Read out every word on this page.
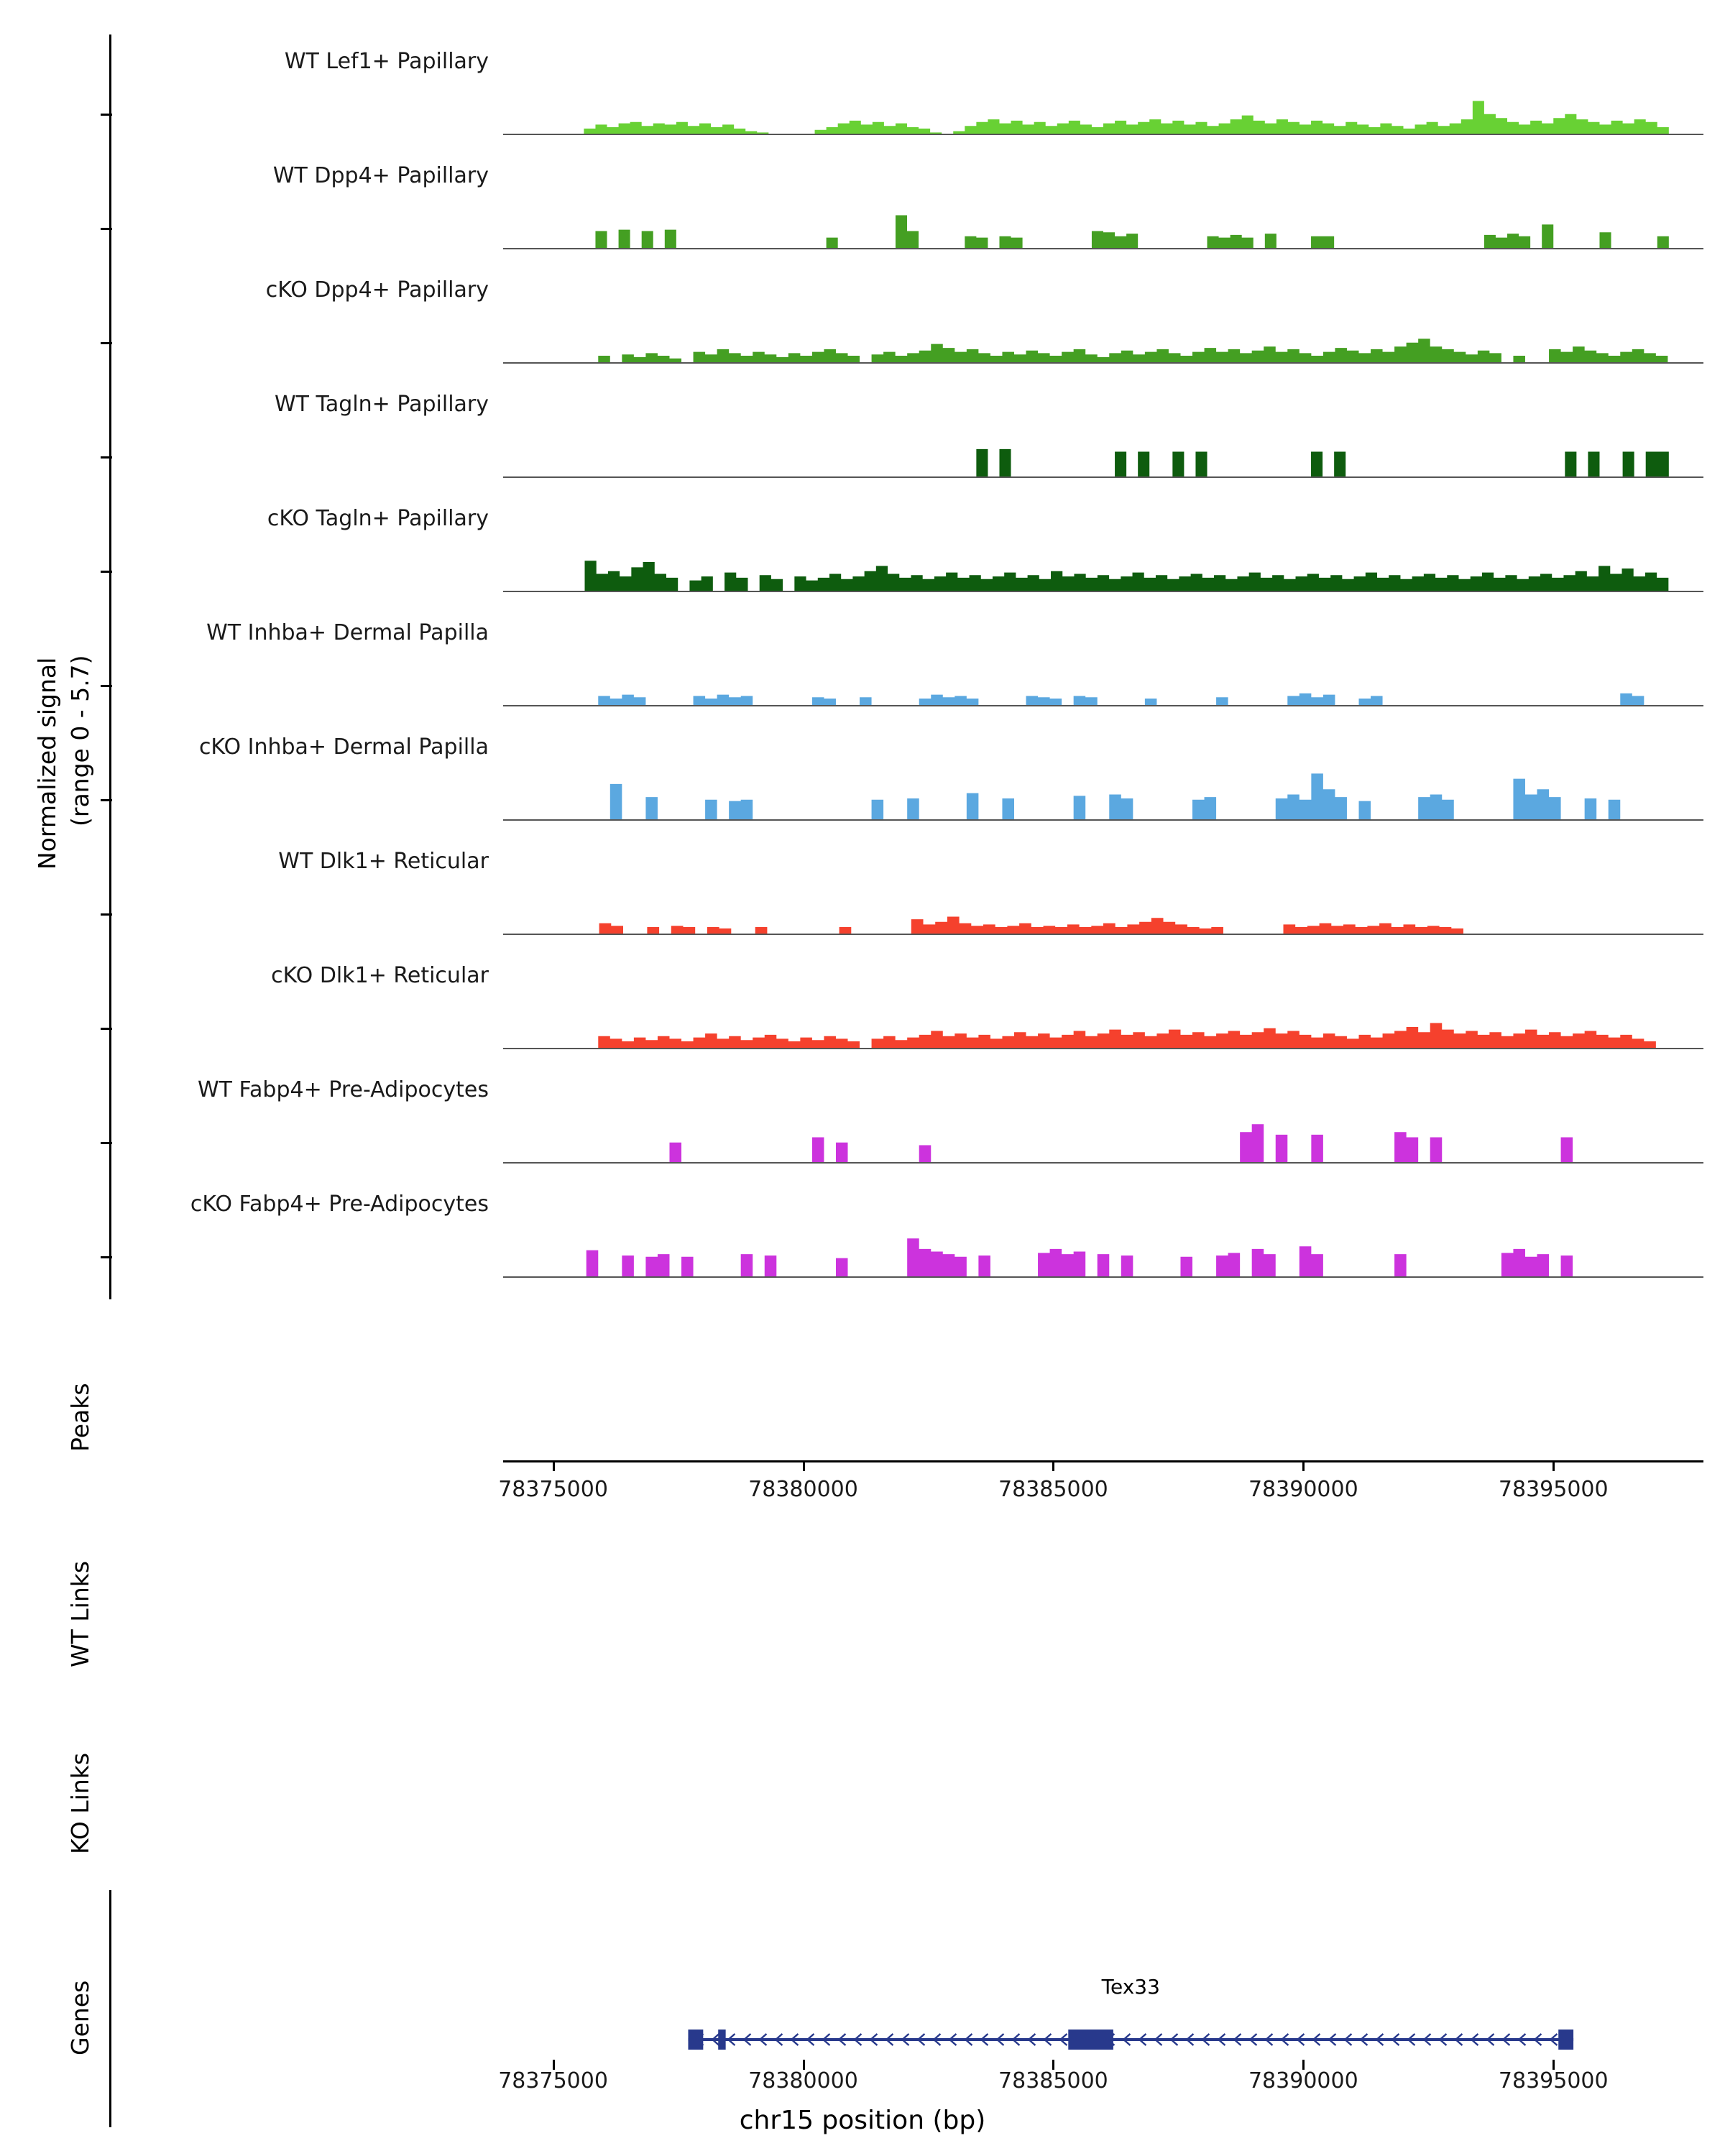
Normalized signal (range 0 - 5.7)
Peaks
WT Links
KO Links
Genes
WT Lef1+ Papillary
WT Dpp4+ Papillary
cKO Dpp4+ Papillary
WT Tagln+ Papillary
cKO Tagln+ Papillary
WT Inhba+ Dermal Papilla
cKO Inhba+ Dermal Papilla
WT Dlk1+ Reticular
cKO Dlk1+ Reticular
WT Fabp4+ Pre-Adipocytes
cKO Fabp4+ Pre-Adipocytes
78375000	78380000	78385000	78390000	78395000
Tex33
78375000	78380000	78385000	78390000	78395000
chr15 position (bp)
